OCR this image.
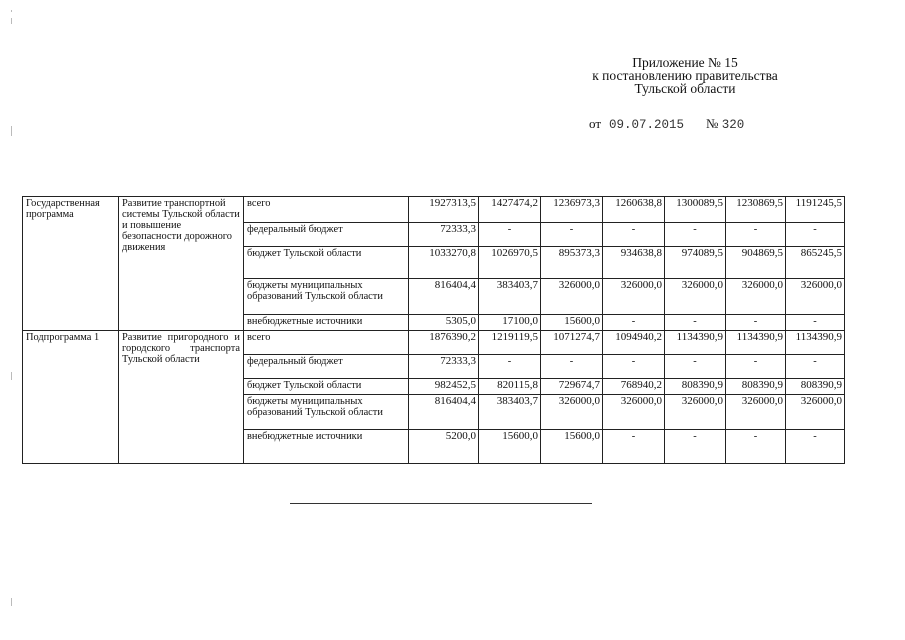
Приложение № 15
к постановлению правительства
Тульской области
от 09.07.2015 № 320
Государственная программа	Развитие транспортной системы Тульской области и повышение безопасности дорожного движения	всего	1927313,5	1427474,2	1236973,3	1260638,8	1300089,5	1230869,5	1191245,5
		федеральный бюджет	72333,3	-	-	-	-	-	-
		бюджет Тульской области	1033270,8	1026970,5	895373,3	934638,8	974089,5	904869,5	865245,5
		бюджеты муниципальных образований Тульской области	816404,4	383403,7	326000,0	326000,0	326000,0	326000,0	326000,0
		внебюджетные источники	5305,0	17100,0	15600,0	-	-	-	-
Подпрограмма 1	Развитие пригородного и городского транспорта Тульской области	всего	1876390,2	1219119,5	1071274,7	1094940,2	1134390,9	1134390,9	1134390,9
		федеральный бюджет	72333,3	-	-	-	-	-	-
		бюджет Тульской области	982452,5	820115,8	729674,7	768940,2	808390,9	808390,9	808390,9
		бюджеты муниципальных образований Тульской области	816404,4	383403,7	326000,0	326000,0	326000,0	326000,0	326000,0
		внебюджетные источники	5200,0	15600,0	15600,0	-	-	-	-
